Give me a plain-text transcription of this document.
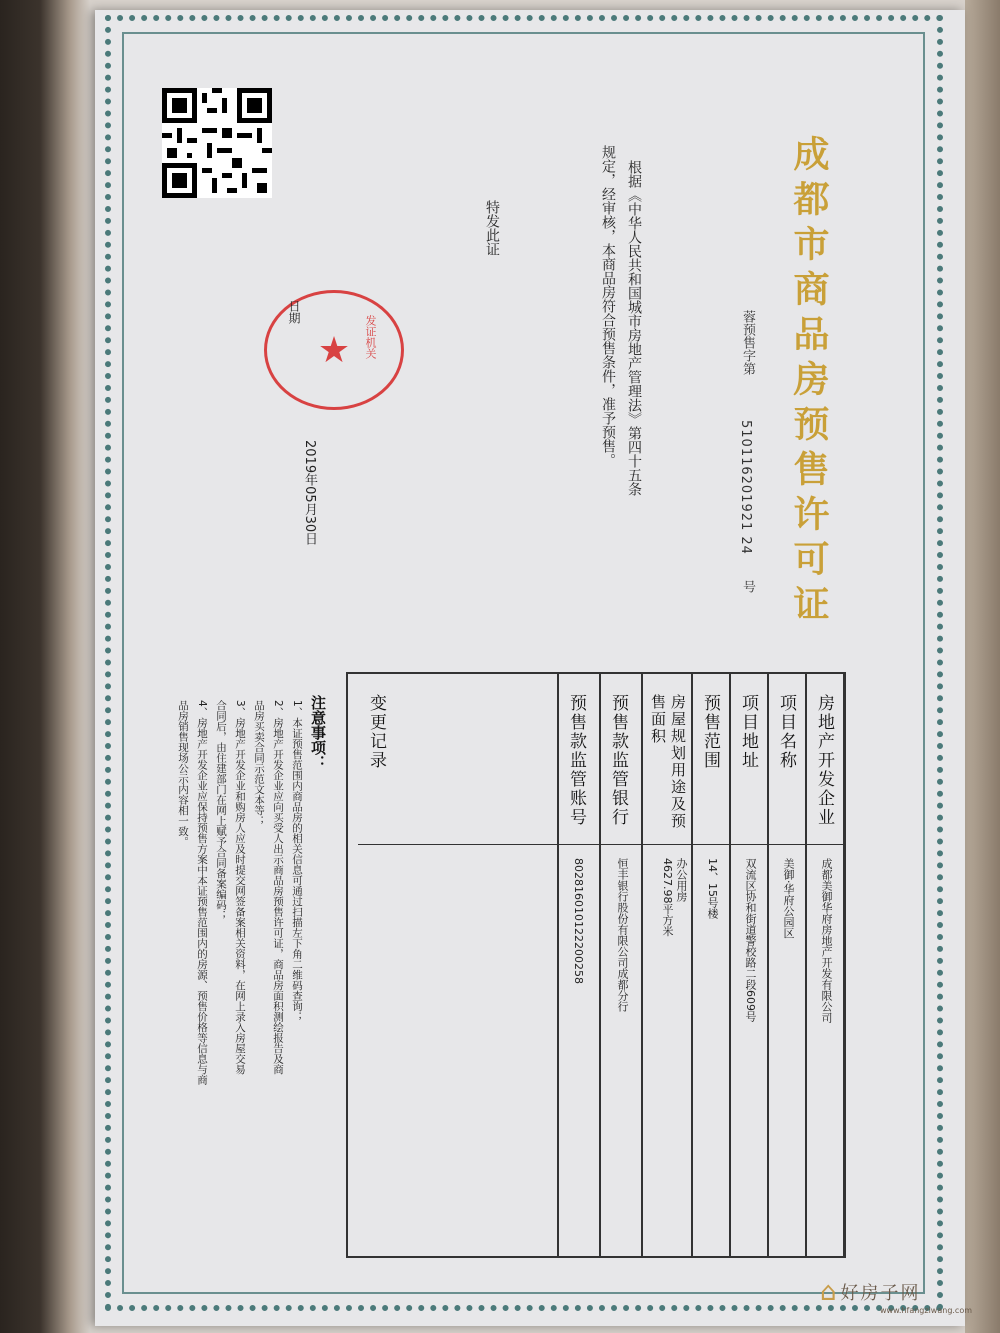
成都市商品房预售许可证
蓉预售字第
510116201921 24
号
根据《中华人民共和国城市房地产管理法》第四十五条
规定，经审核，本商品房符合预售条件，准予预售。
特发此证
★ 发证机关
日期
2019年05月30日
房地产开发企业
成都美御华府房地产开发有限公司
项目名称
美御·华府公园区
项目地址
双流区协和街道警校路二段609号
预售范围
14、15号楼
房屋规划用途及预售面积
办公用房 4627.98平方米
预售款监管银行
恒丰银行股份有限公司成都分行
预售款监管账号
802816010122200258
变更记录
注意事项：
1、本证预售范围内商品房的相关信息可通过扫描左下角二维码查询；
2、房地产开发企业应向买受人出示商品房预售许可证，商品房面积测绘报告及商
品房买卖合同示范文本等；
3、房地产开发企业和购房人应及时提交网签备案相关资料，在网上录入房屋交易
合同后，由住建部门在网上赋予合同备案编码；
4、房地产开发企业应保持预售方案中本证预售范围内的房源、预售价格等信息与商
品房销售现场公示内容相一致。
⌂ 好房子网
www.hfangziwang.com
